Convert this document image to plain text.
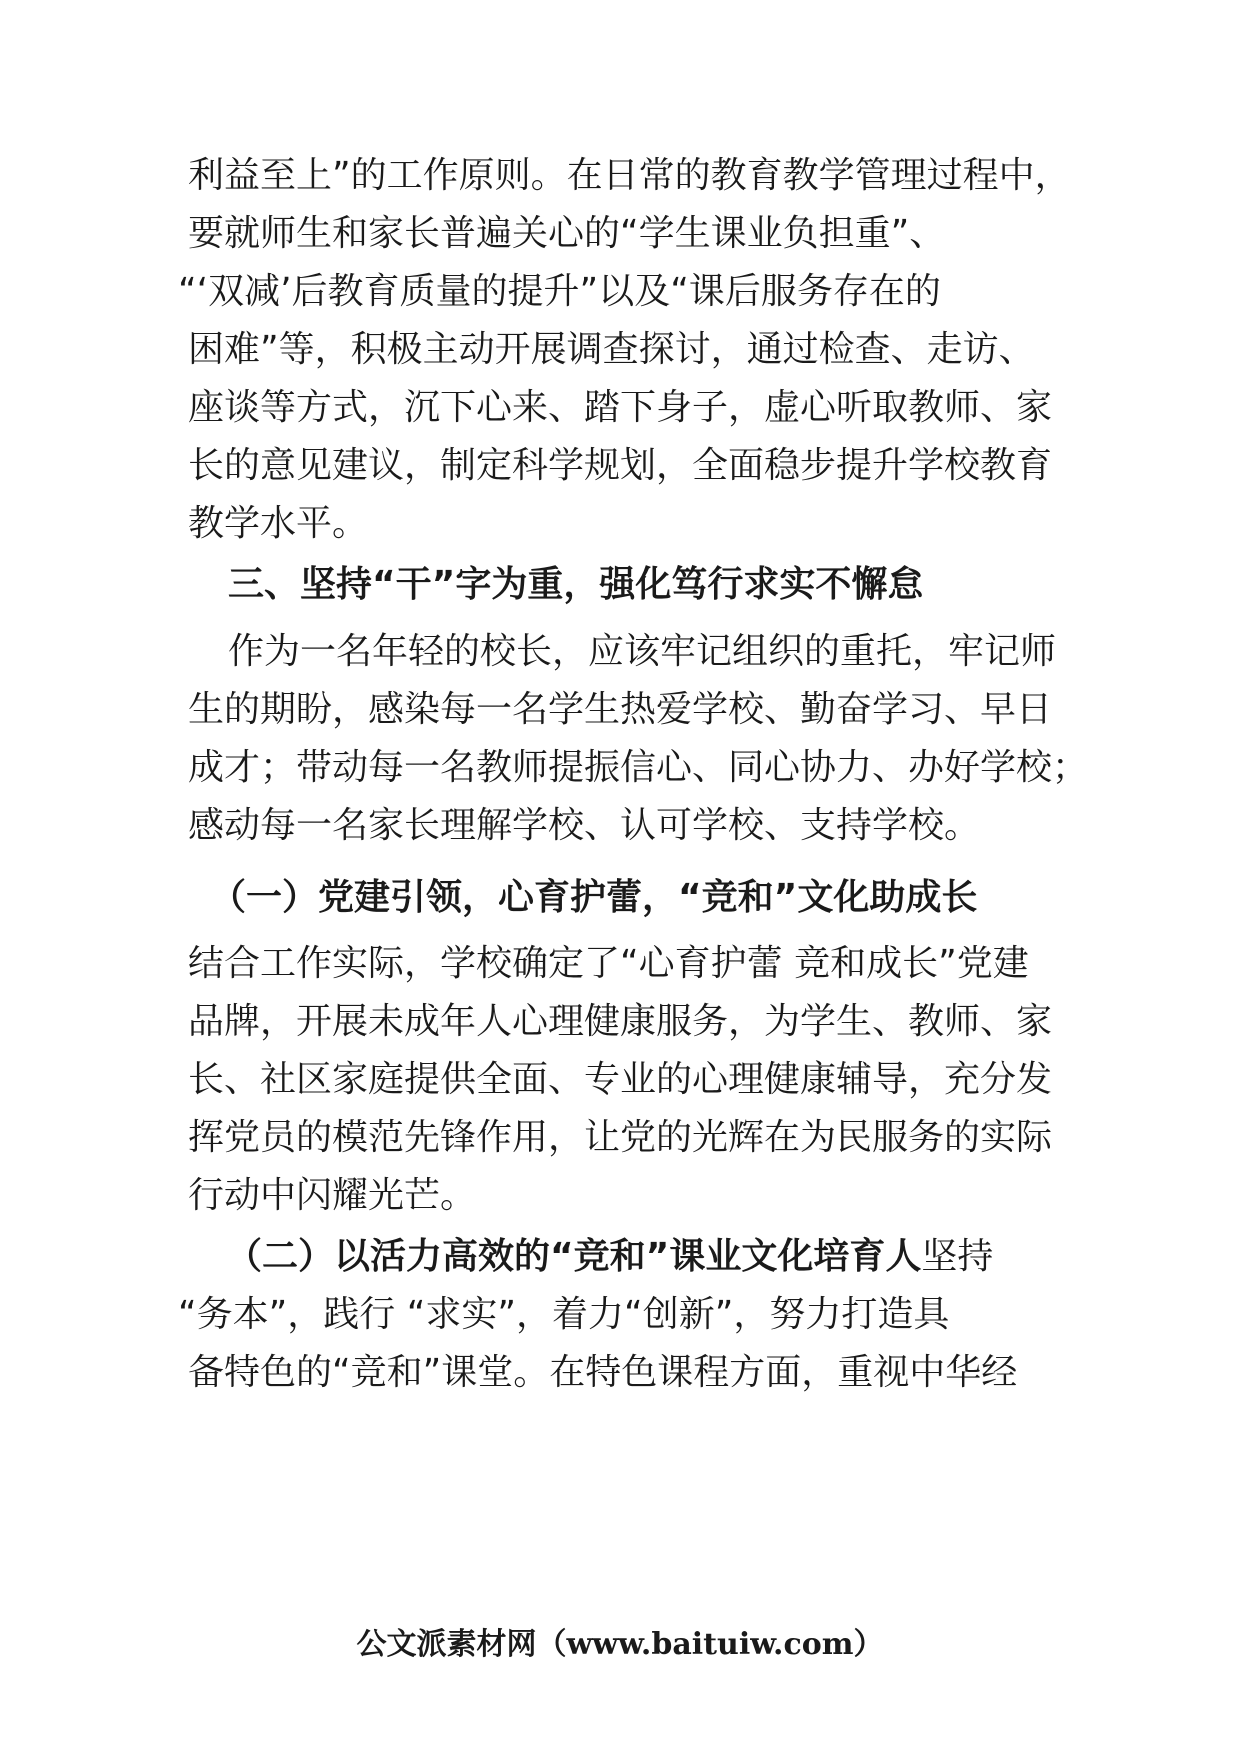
利益至上”的工作原则。在日常的教育教学管理过程中，
要就师生和家长普遍关心的“学生课业负担重”、
“‘双减’后教育质量的提升”以及“课后服务存在的
困难”等，积极主动开展调查探讨，通过检查、走访、
座谈等方式，沉下心来、踏下身子，虚心听取教师、家
长的意见建议，制定科学规划，全面稳步提升学校教育
教学水平。
三、坚持“干”字为重，强化笃行求实不懈怠
作为一名年轻的校长，应该牢记组织的重托，牢记师
生的期盼，感染每一名学生热爱学校、勤奋学习、早日
成才；带动每一名教师提振信心、同心协力、办好学校；
感动每一名家长理解学校、认可学校、支持学校。
（一）党建引领，心育护蕾，“竞和”文化助成长
结合工作实际，学校确定了“心育护蕾 竞和成长”党建
品牌，开展未成年人心理健康服务，为学生、教师、家
长、社区家庭提供全面、专业的心理健康辅导，充分发
挥党员的模范先锋作用，让党的光辉在为民服务的实际
行动中闪耀光芒。
（二）以活力高效的“竞和”课业文化培育人坚持
“务本”，践行 “求实”，着力“创新”，努力打造具
备特色的“竞和”课堂。在特色课程方面，重视中华经
公文派素材网（www.baituiw.com）
